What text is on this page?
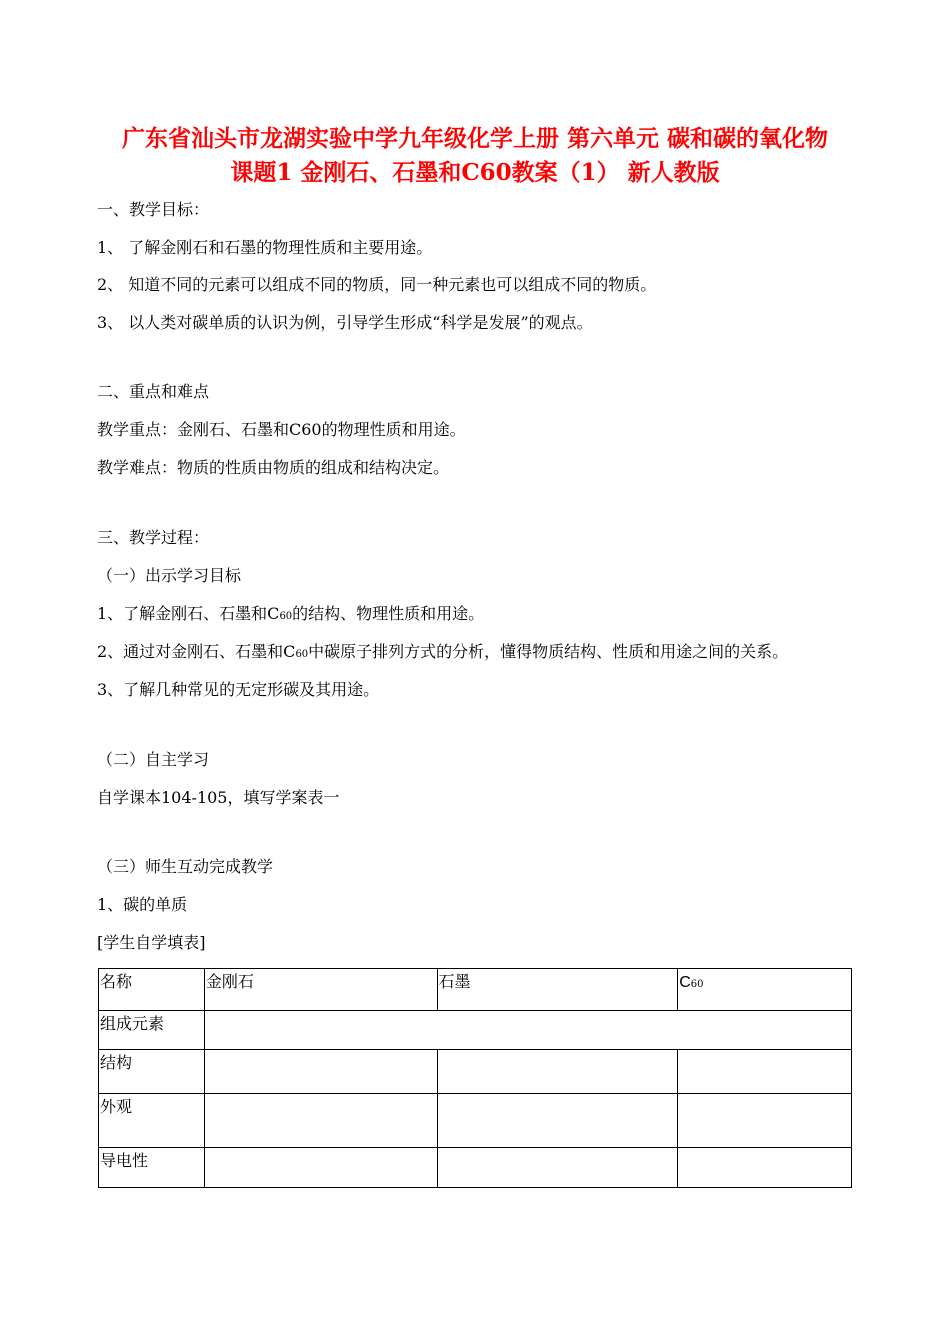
广东省汕头市龙湖实验中学九年级化学上册 第六单元 碳和碳的氧化物
课题1 金刚石、石墨和C60教案（1） 新人教版
一、教学目标：
1、 了解金刚石和石墨的物理性质和主要用途。
2、 知道不同的元素可以组成不同的物质，同一种元素也可以组成不同的物质。
3、 以人类对碳单质的认识为例，引导学生形成“科学是发展”的观点。
二、重点和难点
教学重点：金刚石、石墨和C60的物理性质和用途。
教学难点：物质的性质由物质的组成和结构决定。
三、教学过程：
（一）出示学习目标
1、了解金刚石、石墨和C60的结构、物理性质和用途。
2、通过对金刚石、石墨和C60中碳原子排列方式的分析，懂得物质结构、性质和用途之间的关系。
3、了解几种常见的无定形碳及其用途。
（二）自主学习
自学课本104-105，填写学案表一
（三）师生互动完成教学
1、碳的单质
[学生自学填表]
名称	金刚石	石墨	C60
组成元素			
结构			
外观			
导电性			
